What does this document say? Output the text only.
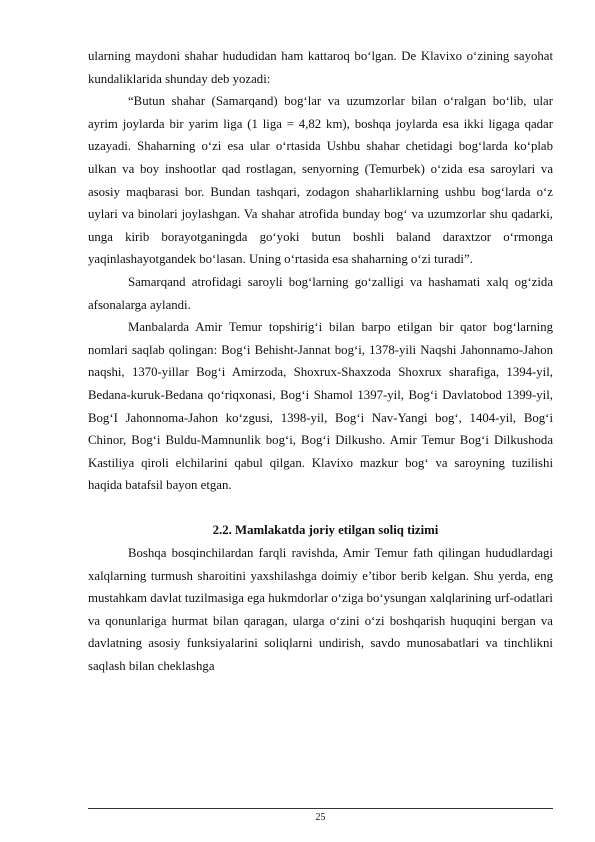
ularning maydoni shahar hududidan ham kattaroq bo‘lgan. De Klavixo o‘zining sayohat kundaliklarida shunday deb yozadi:

“Butun shahar (Samarqand) bog‘lar va uzumzorlar bilan o‘ralgan bo‘lib, ular ayrim joylarda bir yarim liga (1 liga = 4,82 km), boshqa joylarda esa ikki ligaga qadar uzayadi. Shaharning o‘zi esa ular o‘rtasida Ushbu shahar chetidagi bog‘larda ko‘plab ulkan va boy inshootlar qad rostlagan, senyorning (Temurbek) o‘zida esa saroylari va asosiy maqbarasi bor. Bundan tashqari, zodagon shaharliklarning ushbu bog‘larda o‘z uylari va binolari joylashgan. Va shahar atrofida bunday bog‘ va uzumzorlar shu qadarki, unga kirib borayotganingda go‘yoki butun boshli baland daraxtzor o‘rmonga yaqinlashayotgandek bo‘lasan. Uning o‘rtasida esa shaharning o‘zi turadi”.

Samarqand atrofidagi saroyli bog‘larning go‘zalligi va hashamati xalq og‘zida afsonalarga aylandi.

Manbalarda Amir Temur topshirig‘i bilan barpo etilgan bir qator bog‘larning nomlari saqlab qolingan: Bog‘i Behisht-Jannat bog‘i, 1378-yili Naqshi Jahonnamo-Jahon naqshi, 1370-yillar Bog‘i Amirzoda, Shoxrux-Shaxzoda Shoxrux sharafiga, 1394-yil, Bedana-kuruk-Bedana qo‘riqxonasi, Bog‘i Shamol 1397-yil, Bog‘i Davlatobod 1399-yil, Bog‘I Jahonnoma-Jahon ko‘zgusi, 1398-yil, Bog‘i Nav-Yangi bog‘, 1404-yil, Bog‘i Chinor, Bog‘i Buldu-Mamnunlik bog‘i, Bog‘i Dilkusho. Amir Temur Bog‘i Dilkushoda Kastiliya qiroli elchilarini qabul qilgan. Klavixo mazkur bog‘ va saroyning tuzilishi haqida batafsil bayon etgan.

2.2. Mamlakatda joriy etilgan soliq tizimi

Boshqa bosqinchilardan farqli ravishda, Amir Temur fath qilingan hududlardagi xalqlarning turmush sharoitini yaxshilashga doimiy e’tibor berib kelgan. Shu yerda, eng mustahkam davlat tuzilmasiga ega hukmdorlar o‘ziga bo‘ysungan xalqlarining urf-odatlari va qonunlariga hurmat bilan qaragan, ularga o‘zini o‘zi boshqarish huquqini bergan va davlatning asosiy funksiyalarini soliqlarni undirish, savdo munosabatlari va tinchlikni saqlash bilan cheklashga

25
